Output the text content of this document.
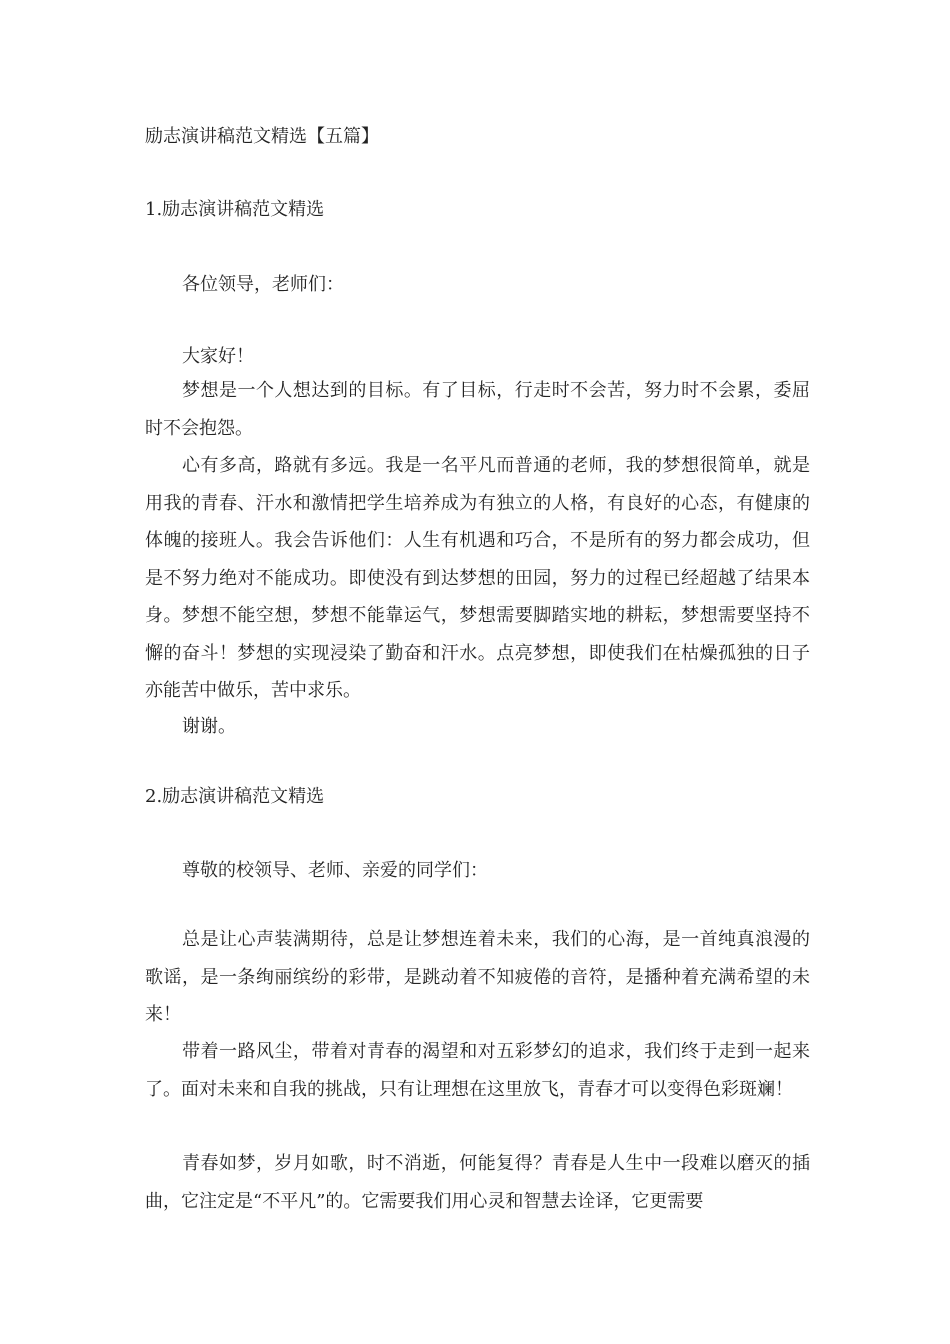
励志演讲稿范文精选【五篇】
1.励志演讲稿范文精选
各位领导，老师们：

大家好！

梦想是一个人想达到的目标。有了目标，行走时不会苦，努力时不会累，委屈时不会抱怨。

心有多高，路就有多远。我是一名平凡而普通的老师，我的梦想很简单，就是用我的青春、汗水和激情把学生培养成为有独立的人格，有良好的心态，有健康的体魄的接班人。我会告诉他们：人生有机遇和巧合，不是所有的努力都会成功，但是不努力绝对不能成功。即使没有到达梦想的田园，努力的过程已经超越了结果本身。梦想不能空想，梦想不能靠运气，梦想需要脚踏实地的耕耘，梦想需要坚持不懈的奋斗！梦想的实现浸染了勤奋和汗水。点亮梦想，即使我们在枯燥孤独的日子亦能苦中做乐，苦中求乐。

谢谢。

2.励志演讲稿范文精选
尊敬的校领导、老师、亲爱的同学们：

总是让心声装满期待，总是让梦想连着未来，我们的心海，是一首纯真浪漫的歌谣，是一条绚丽缤纷的彩带，是跳动着不知疲倦的音符，是播种着充满希望的未来！

带着一路风尘，带着对青春的渴望和对五彩梦幻的追求，我们终于走到一起来了。面对未来和自我的挑战，只有让理想在这里放飞，青春才可以变得色彩斑斓！

青春如梦，岁月如歌，时不消逝，何能复得？青春是人生中一段难以磨灭的插曲，它注定是“不平凡”的。它需要我们用心灵和智慧去诠译，它更需要
